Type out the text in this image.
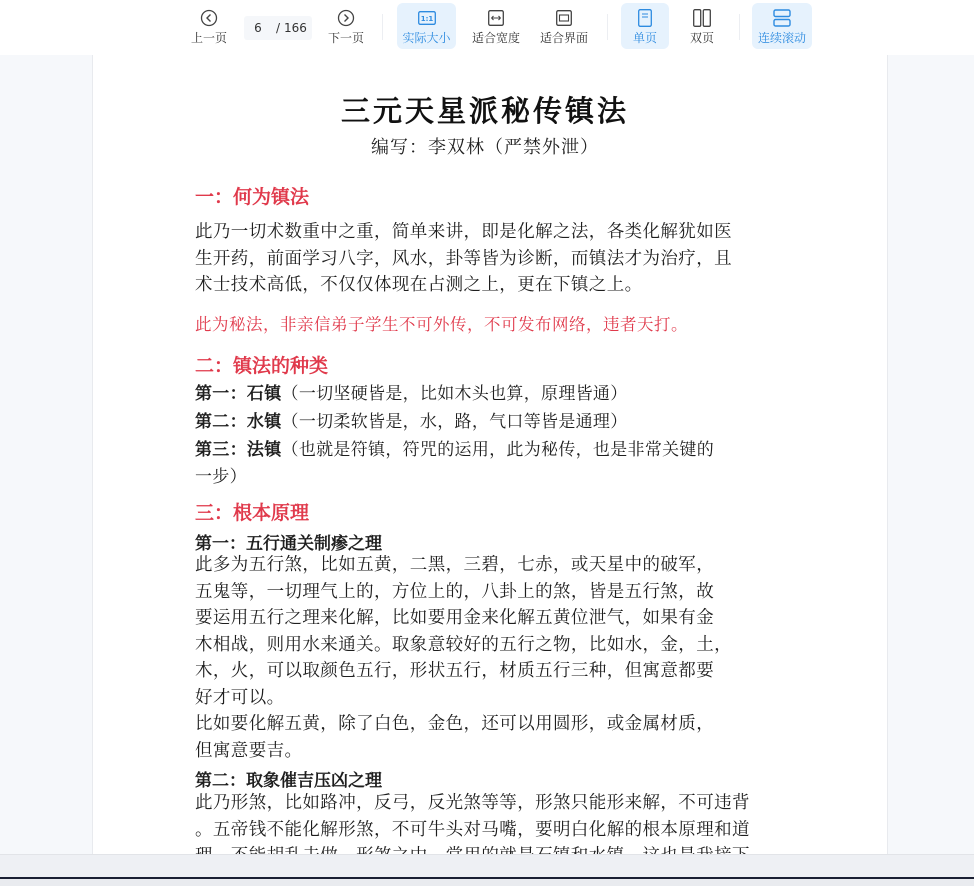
上一页
6	/ 166
下一页
1:1
实际大小 适合宽度 适合界面	单页	双页	连续滚动
三元天星派秘传镇法
编写：李双林（严禁外泄）
一：何为镇法
此乃一切术数重中之重，简单来讲，即是化解之法，各类化解犹如医
生开药，前面学习八字，风水，卦等皆为诊断，而镇法才为治疗，且
术士技术高低，不仅仅体现在占测之上，更在下镇之上。
此为秘法，非亲信弟子学生不可外传，不可发布网络，违者天打。
二：镇法的种类
第一：石镇（一切坚硬皆是，比如木头也算，原理皆通）
第二：水镇（一切柔软皆是，水，路，气口等皆是通理）
第三：法镇（也就是符镇，符咒的运用，此为秘传，也是非常关键的
一步）
三：根本原理
第一：五行通关制瘆之理
此多为五行煞，比如五黄，二黑，三碧，七赤，或天星中的破军，
五鬼等，一切理气上的，方位上的，八卦上的煞，皆是五行煞，故
要运用五行之理来化解，比如要用金来化解五黄位泄气，如果有金
木相战，则用水来通关。取象意较好的五行之物，比如水，金，土，
木，火，可以取颜色五行，形状五行，材质五行三种，但寓意都要
好才可以。
比如要化解五黄，除了白色，金色，还可以用圆形，或金属材质，
但寓意要吉。
第二：取象催吉压凶之理
此乃形煞，比如路冲，反弓，反光煞等等，形煞只能形来解，不可违背
。五帝钱不能化解形煞，不可牛头对马嘴，要明白化解的根本原理和道
